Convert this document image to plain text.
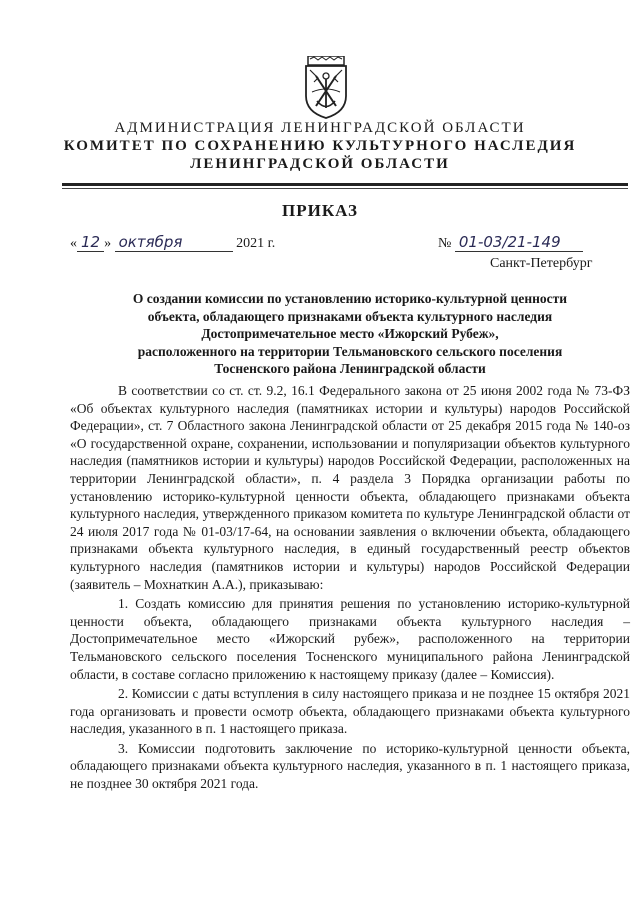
АДМИНИСТРАЦИЯ ЛЕНИНГРАДСКОЙ ОБЛАСТИ
КОМИТЕТ ПО СОХРАНЕНИЮ КУЛЬТУРНОГО НАСЛЕДИЯ
ЛЕНИНГРАДСКОЙ ОБЛАСТИ
ПРИКАЗ
« 12 » октября	2021 г.	№ 01-03/21-149
Санкт-Петербург
О создании комиссии по установлению историко-культурной ценности
объекта, обладающего признаками объекта культурного наследия
Достопримечательное место «Ижорский Рубеж»,
расположенного на территории Тельмановского сельского поселения
Тосненского района Ленинградской области

В соответствии со ст. ст. 9.2, 16.1 Федерального закона от 25 июня 2002 года № 73-ФЗ «Об объектах культурного наследия (памятниках истории и культуры) народов Российской Федерации», ст. 7 Областного закона Ленинградской области от 25 декабря 2015 года № 140-оз «О государственной охране, сохранении, использовании и популяризации объектов культурного наследия (памятников истории и культуры) народов Российской Федерации, расположенных на территории Ленинградской области», п. 4 раздела 3 Порядка организации работы по установлению историко-культурной ценности объекта, обладающего признаками объекта культурного наследия, утвержденного приказом комитета по культуре Ленинградской области от 24 июля 2017 года № 01-03/17-64, на основании заявления о включении объекта, обладающего признаками объекта культурного наследия, в единый государственный реестр объектов культурного наследия (памятников истории и культуры) народов Российской Федерации (заявитель – Мохнаткин А.А.), приказываю:

1. Создать комиссию для принятия решения по установлению историко-культурной ценности объекта, обладающего признаками объекта культурного наследия – Достопримечательное место «Ижорский рубеж», расположенного на территории Тельмановского сельского поселения Тосненского муниципального района Ленинградской области, в составе согласно приложению к настоящему приказу (далее – Комиссия).

2. Комиссии с даты вступления в силу настоящего приказа и не позднее 15 октября 2021 года организовать и провести осмотр объекта, обладающего признаками объекта культурного наследия, указанного в п. 1 настоящего приказа.

3. Комиссии подготовить заключение по историко-культурной ценности объекта, обладающего признаками объекта культурного наследия, указанного в п. 1 настоящего приказа, не позднее 30 октября 2021 года.
